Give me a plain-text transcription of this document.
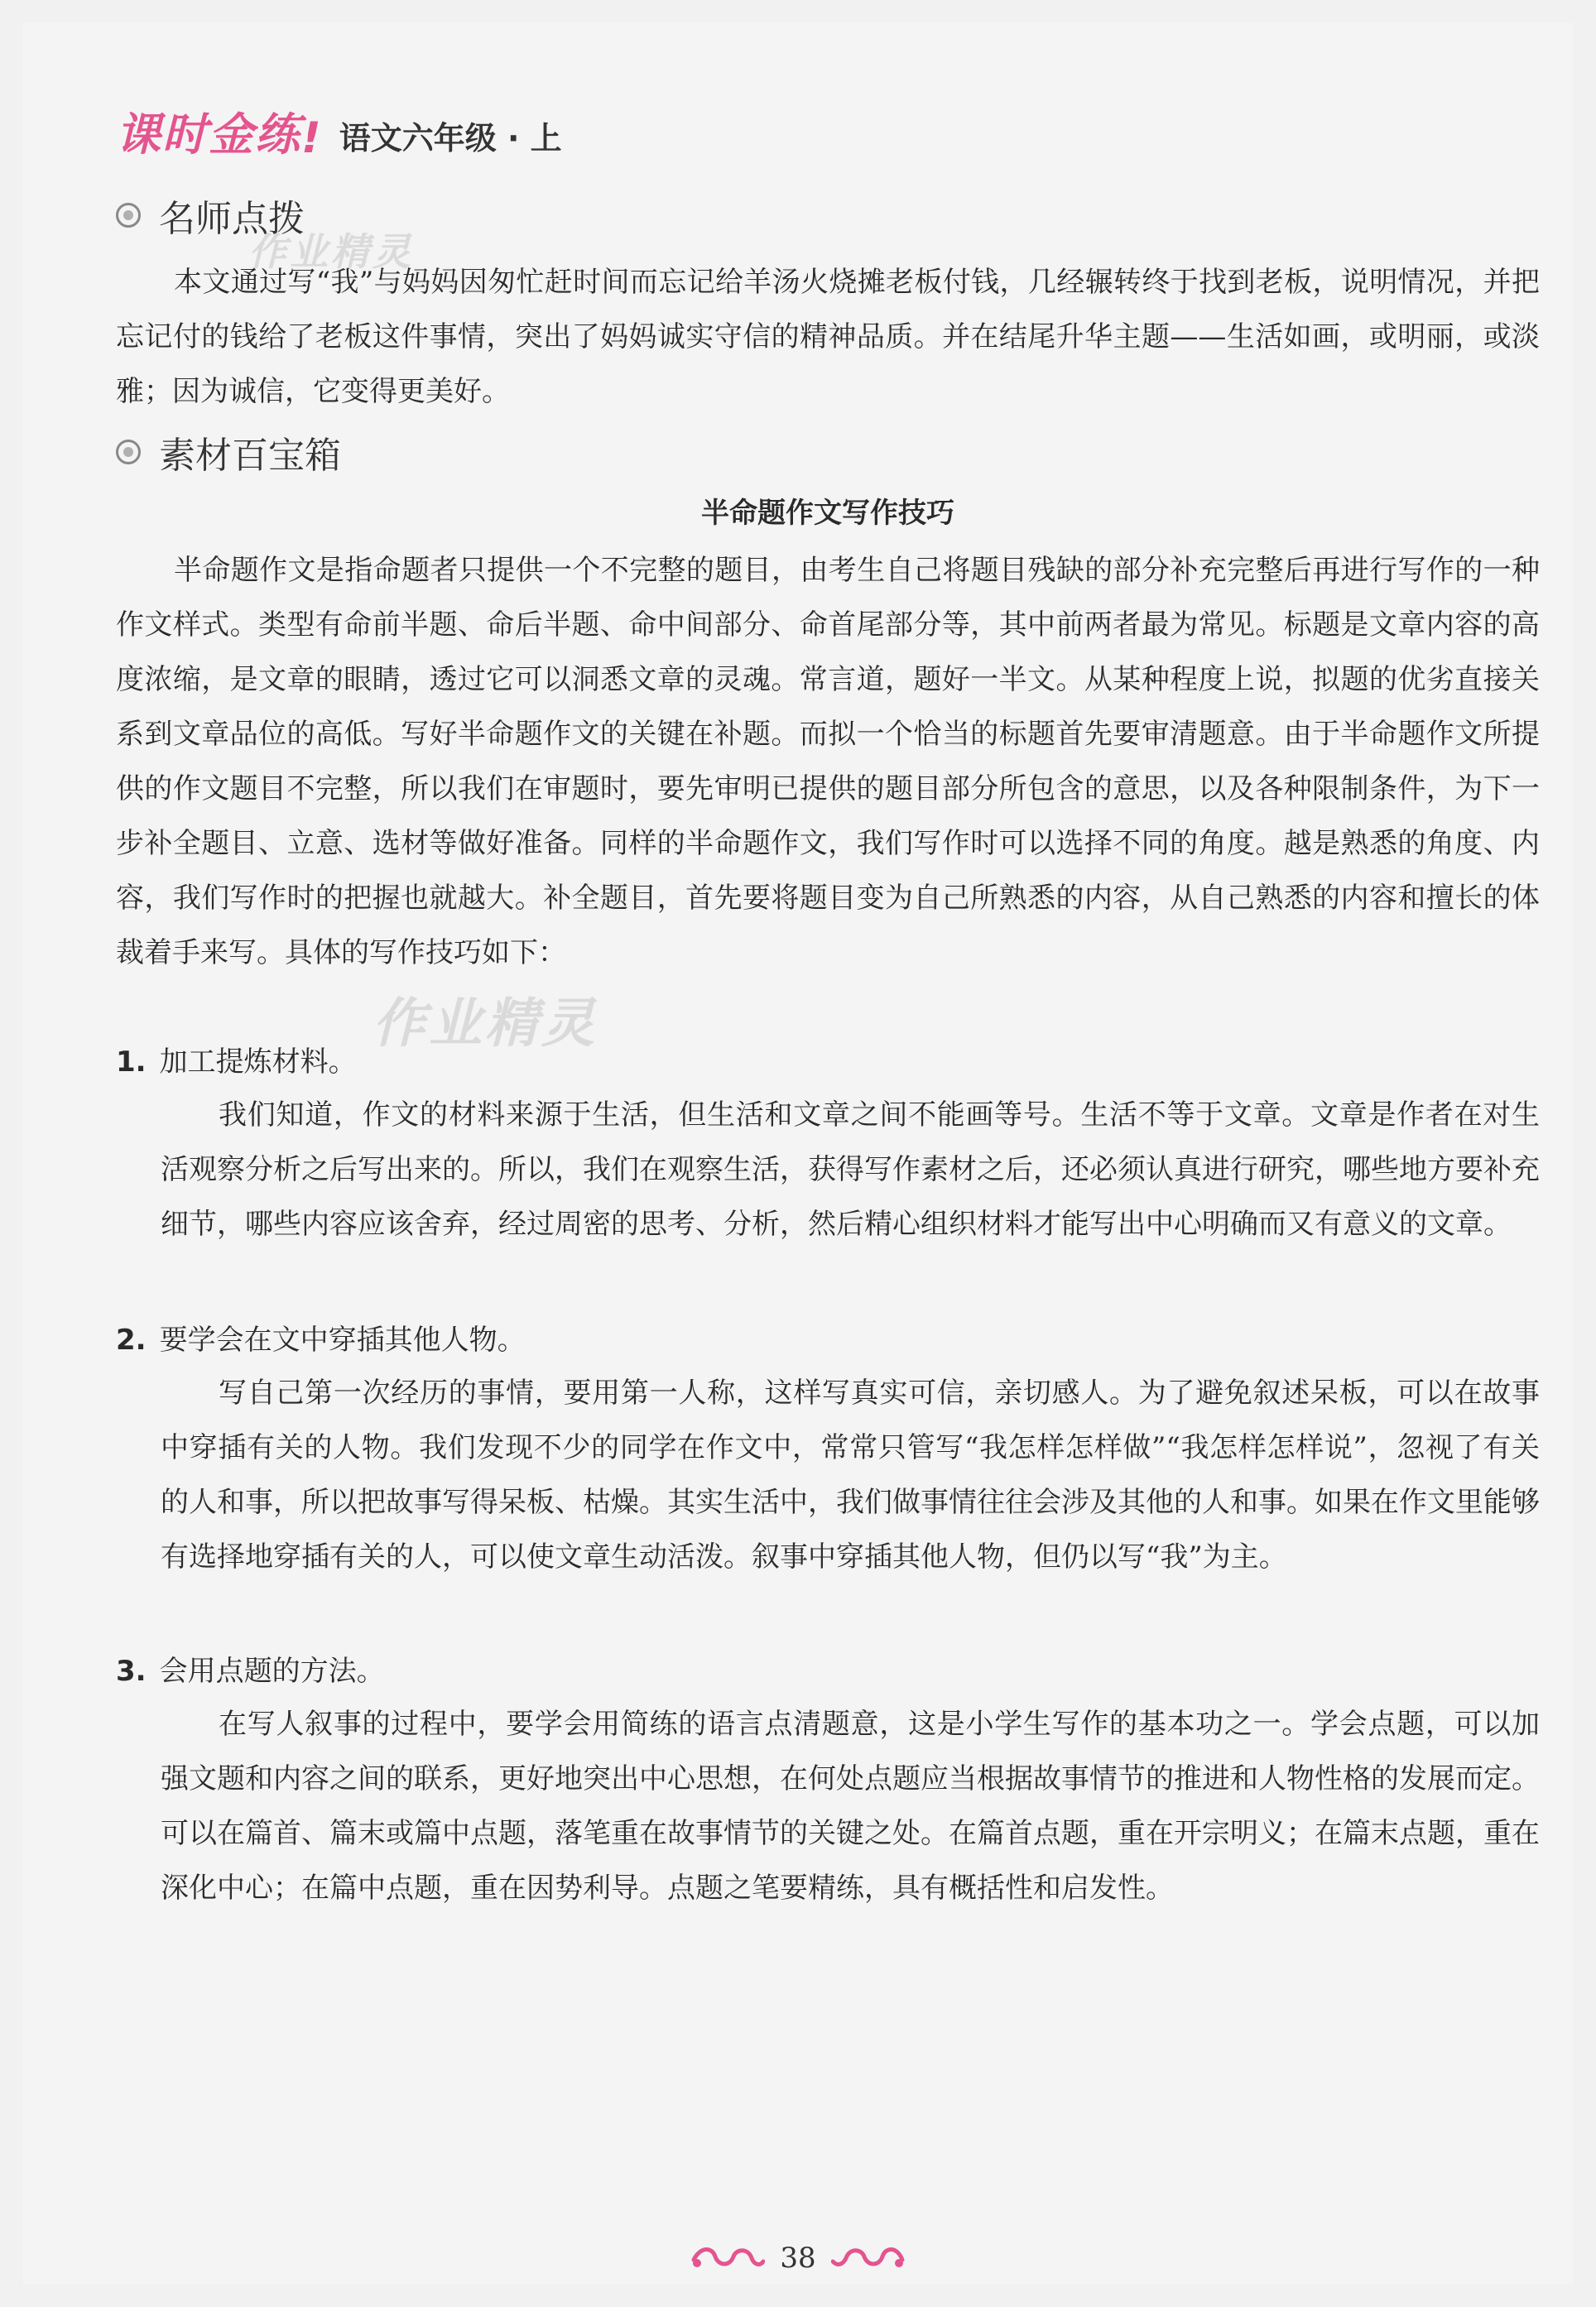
课时金练 ! 语文六年级 · 上
名师点拨

本文通过写“我”与妈妈因匆忙赶时间而忘记给羊汤火烧摊老板付钱，几经辗转终于找到老板，说明情况，并把忘记付的钱给了老板这件事情，突出了妈妈诚实守信的精神品质。并在结尾升华主题——生活如画，或明丽，或淡雅；因为诚信，它变得更美好。

素材百宝箱
半命题作文写作技巧

半命题作文是指命题者只提供一个不完整的题目，由考生自己将题目残缺的部分补充完整后再进行写作的一种作文样式。类型有命前半题、命后半题、命中间部分、命首尾部分等，其中前两者最为常见。标题是文章内容的高度浓缩，是文章的眼睛，透过它可以洞悉文章的灵魂。常言道，题好一半文。从某种程度上说，拟题的优劣直接关系到文章品位的高低。写好半命题作文的关键在补题。而拟一个恰当的标题首先要审清题意。由于半命题作文所提供的作文题目不完整，所以我们在审题时，要先审明已提供的题目部分所包含的意思，以及各种限制条件，为下一步补全题目、立意、选材等做好准备。同样的半命题作文，我们写作时可以选择不同的角度。越是熟悉的角度、内容，我们写作时的把握也就越大。补全题目，首先要将题目变为自己所熟悉的内容，从自己熟悉的内容和擅长的体裁着手来写。具体的写作技巧如下：

1. 加工提炼材料。

我们知道，作文的材料来源于生活，但生活和文章之间不能画等号。生活不等于文章。文章是作者在对生活观察分析之后写出来的。所以，我们在观察生活，获得写作素材之后，还必须认真进行研究，哪些地方要补充细节，哪些内容应该舍弃，经过周密的思考、分析，然后精心组织材料才能写出中心明确而又有意义的文章。

2. 要学会在文中穿插其他人物。

写自己第一次经历的事情，要用第一人称，这样写真实可信，亲切感人。为了避免叙述呆板，可以在故事中穿插有关的人物。我们发现不少的同学在作文中，常常只管写“我怎样怎样做”“我怎样怎样说”，忽视了有关的人和事，所以把故事写得呆板、枯燥。其实生活中，我们做事情往往会涉及其他的人和事。如果在作文里能够有选择地穿插有关的人，可以使文章生动活泼。叙事中穿插其他人物，但仍以写“我”为主。

3. 会用点题的方法。

在写人叙事的过程中，要学会用简练的语言点清题意，这是小学生写作的基本功之一。学会点题，可以加强文题和内容之间的联系，更好地突出中心思想，在何处点题应当根据故事情节的推进和人物性格的发展而定。可以在篇首、篇末或篇中点题，落笔重在故事情节的关键之处。在篇首点题，重在开宗明义；在篇末点题，重在深化中心；在篇中点题，重在因势利导。点题之笔要精练，具有概括性和启发性。

作业精灵
作业精灵
38
